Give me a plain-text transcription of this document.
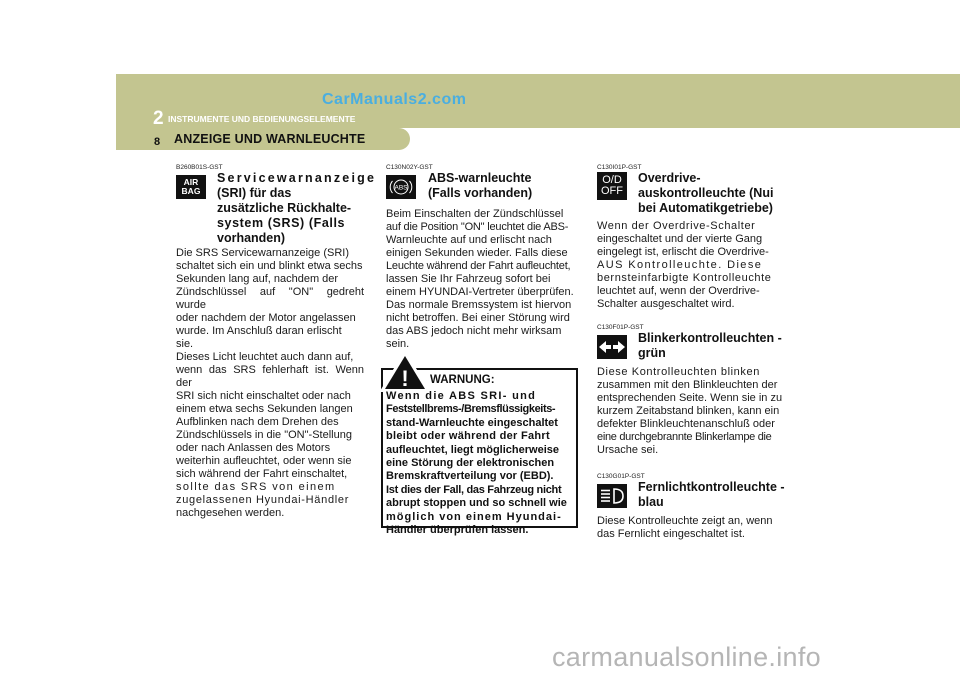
CarManuals2.com
2 INSTRUMENTE UND BEDIENUNGSELEMENTE
8 ANZEIGE UND WARNLEUCHTE
B260B01S-GST
AIR
BAG
Servicewarnanzeige
(SRI) für das
zusätzliche Rückhalte-
system (SRS) (Falls
vorhanden)
Die SRS Servicewarnanzeige (SRI)
schaltet sich ein und blinkt etwa sechs
Sekunden lang auf, nachdem der
Zündschlüssel auf "ON" gedreht wurde
oder nachdem der Motor angelassen
wurde. Im Anschluß daran erlischt
sie.
Dieses Licht leuchtet auch dann auf,
wenn das SRS fehlerhaft ist. Wenn der
SRI sich nicht einschaltet oder nach
einem etwa sechs Sekunden langen
Aufblinken nach dem Drehen des
Zündschlüssels in die "ON"-Stellung
oder nach Anlassen des Motors
weiterhin aufleuchtet, oder wenn sie
sich während der Fahrt einschaltet,
sollte das SRS von einem
zugelassenen Hyundai-Händler
nachgesehen werden.
C130N02Y-GST
ABS
ABS-warnleuchte
(Falls vorhanden)
Beim Einschalten der Zündschlüssel
auf die Position "ON" leuchtet die ABS-
Warnleuchte auf und erlischt nach
einigen Sekunden wieder. Falls diese
Leuchte während der Fahrt aufleuchtet,
lassen Sie Ihr Fahrzeug sofort bei
einem HYUNDAI-Vertreter überprüfen.
Das normale Bremssystem ist hiervon
nicht betroffen. Bei einer Störung wird
das ABS jedoch nicht mehr wirksam
sein.
! WARNUNG:
Wenn die ABS SRI- und
Feststellbrems-/Bremsflüssigkeits-
stand-Warnleuchte eingeschaltet
bleibt oder während der Fahrt
aufleuchtet, liegt möglicherweise
eine Störung der elektronischen
Bremskraftverteilung vor (EBD).
Ist dies der Fall, das Fahrzeug nicht
abrupt stoppen und so schnell wie
möglich von einem Hyundai-
Händler überprüfen lassen.
C130I01P-GST
O/D
OFF
Overdrive-
auskontrolleuchte (Nui
bei Automatikgetriebe)
Wenn der Overdrive-Schalter
eingeschaltet und der vierte Gang
eingelegt ist, erlischt die Overdrive-
AUS Kontrolleuchte. Diese
bernsteinfarbigte Kontrolleuchte
leuchtet auf, wenn der Overdrive-
Schalter ausgeschaltet wird.
C130F01P-GST
Blinkerkontrolleuchten -
grün
Diese Kontrolleuchten blinken
zusammen mit den Blinkleuchten der
entsprechenden Seite. Wenn sie in zu
kurzem Zeitabstand blinken, kann ein
defekter Blinkleuchtenanschluß oder
eine durchgebrannte Blinkerlampe die
Ursache sei.
C130G01P-GST
Fernlichtkontrolleuchte -
blau
Diese Kontrolleuchte zeigt an, wenn
das Fernlicht eingeschaltet ist.
carmanualsonline.info
